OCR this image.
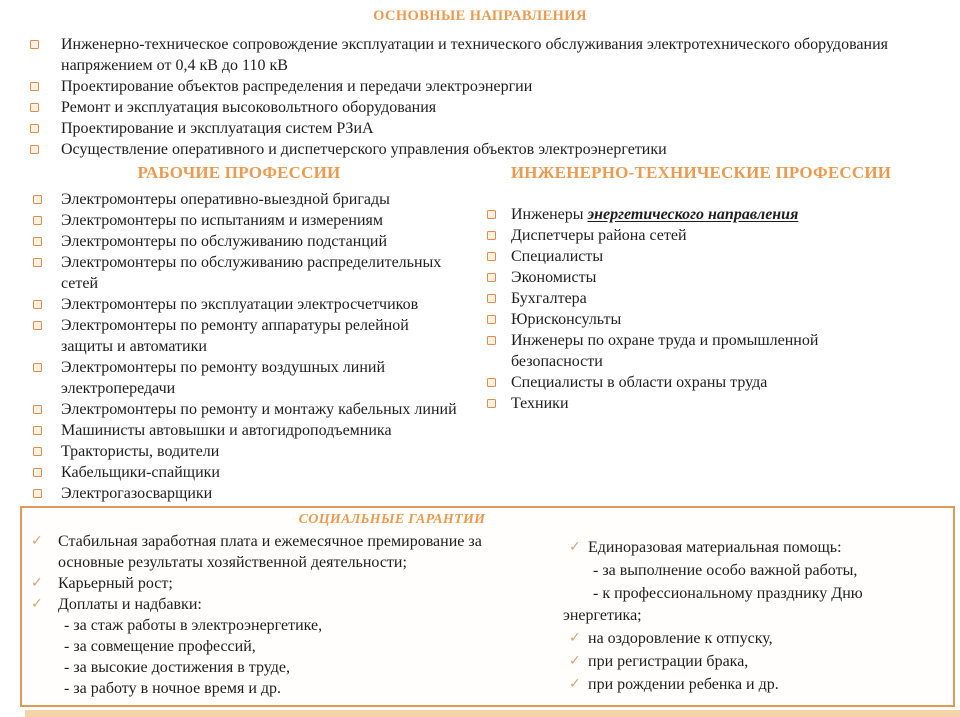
ОСНОВНЫЕ НАПРАВЛЕНИЯ
Инженерно-техническое сопровождение эксплуатации и технического обслуживания электротехнического оборудования напряжением от 0,4 кВ до 110 кВ
Проектирование объектов распределения и передачи электроэнергии
Ремонт и эксплуатация высоковольтного оборудования
Проектирование и эксплуатация систем РЗиА
Осуществление оперативного и диспетчерского управления объектов электроэнергетики
РАБОЧИЕ ПРОФЕССИИ
Электромонтеры оперативно-выездной бригады
Электромонтеры по испытаниям и измерениям
Электромонтеры по обслуживанию подстанций
Электромонтеры по обслуживанию распределительных сетей
Электромонтеры по эксплуатации электросчетчиков
Электромонтеры по ремонту аппаратуры релейной защиты и автоматики
Электромонтеры по ремонту воздушных линий электропередачи
Электромонтеры по ремонту и монтажу кабельных линий
Машинисты автовышки и автогидроподъемника
Трактористы, водители
Кабельщики-спайщики
Электрогазосварщики
ИНЖЕНЕРНО-ТЕХНИЧЕСКИЕ ПРОФЕССИИ
Инженеры энергетического направления
Диспетчеры района сетей
Специалисты
Экономисты
Бухгалтера
Юрисконсульты
Инженеры по охране труда и промышленной безопасности
Специалисты в области охраны труда
Техники
СОЦИАЛЬНЫЕ ГАРАНТИИ
✓ Стабильная заработная плата и ежемесячное премирование за основные результаты хозяйственной деятельности;
✓ Карьерный рост;
✓ Доплаты и надбавки:
- за стаж работы в электроэнергетике,
- за совмещение профессий,
- за высокие достижения в труде,
- за работу в ночное время и др.
✓ Единоразовая материальная помощь:
- за выполнение особо важной работы,
- к профессиональному празднику Дню
энергетика;
✓ на оздоровление к отпуску,
✓ при регистрации брака,
✓ при рождении ребенка и др.
